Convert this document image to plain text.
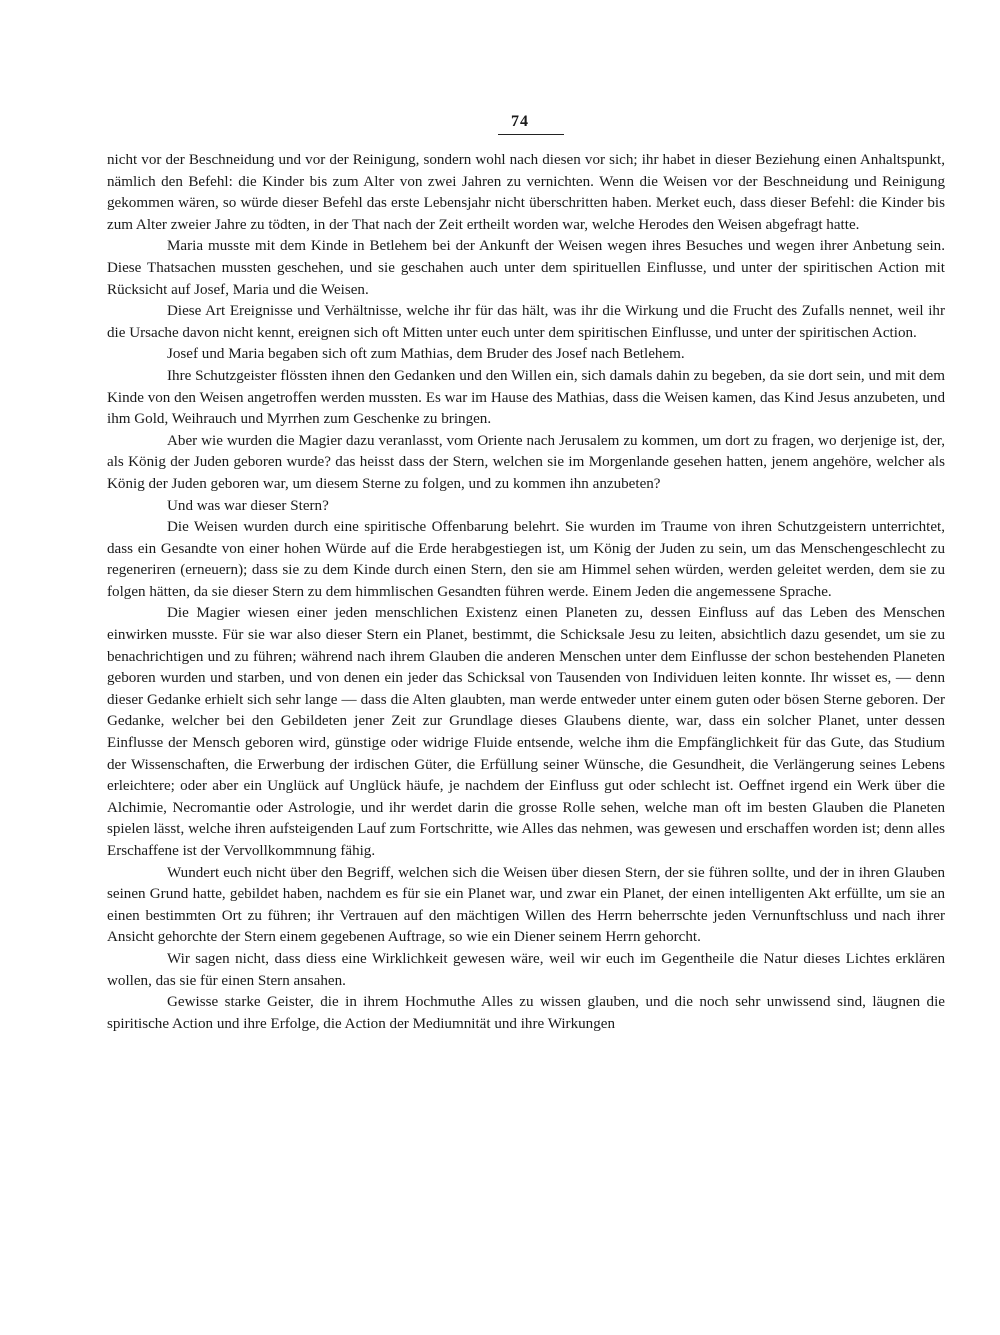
74

nicht vor der Beschneidung und vor der Reinigung, sondern wohl nach diesen vor sich; ihr habet in dieser Beziehung einen Anhaltspunkt, nämlich den Befehl: die Kinder bis zum Alter von zwei Jahren zu vernichten. Wenn die Weisen vor der Beschneidung und Reinigung gekommen wären, so würde dieser Befehl das erste Lebensjahr nicht überschritten haben. Merket euch, dass dieser Befehl: die Kinder bis zum Alter zweier Jahre zu tödten, in der That nach der Zeit ertheilt worden war, welche Herodes den Weisen abgefragt hatte.

Maria musste mit dem Kinde in Betlehem bei der Ankunft der Weisen wegen ihres Besuches und wegen ihrer Anbetung sein. Diese Thatsachen mussten geschehen, und sie geschahen auch unter dem spirituellen Einflusse, und unter der spiritischen Action mit Rücksicht auf Josef, Maria und die Weisen.

Diese Art Ereignisse und Verhältnisse, welche ihr für das hält, was ihr die Wirkung und die Frucht des Zufalls nennet, weil ihr die Ursache davon nicht kennt, ereignen sich oft Mitten unter euch unter dem spiritischen Einflusse, und unter der spiritischen Action.

Josef und Maria begaben sich oft zum Mathias, dem Bruder des Josef nach Betlehem.

Ihre Schutzgeister flössten ihnen den Gedanken und den Willen ein, sich damals dahin zu begeben, da sie dort sein, und mit dem Kinde von den Weisen angetroffen werden mussten. Es war im Hause des Mathias, dass die Weisen kamen, das Kind Jesus anzubeten, und ihm Gold, Weihrauch und Myrrhen zum Geschenke zu bringen.

Aber wie wurden die Magier dazu veranlasst, vom Oriente nach Jerusalem zu kommen, um dort zu fragen, wo derjenige ist, der, als König der Juden geboren wurde? das heisst dass der Stern, welchen sie im Morgenlande gesehen hatten, jenem angehöre, welcher als König der Juden geboren war, um diesem Sterne zu folgen, und zu kommen ihn anzubeten?

Und was war dieser Stern?

Die Weisen wurden durch eine spiritische Offenbarung belehrt. Sie wurden im Traume von ihren Schutzgeistern unterrichtet, dass ein Gesandte von einer hohen Würde auf die Erde herabgestiegen ist, um König der Juden zu sein, um das Menschengeschlecht zu regeneriren (erneuern); dass sie zu dem Kinde durch einen Stern, den sie am Himmel sehen würden, werden geleitet werden, dem sie zu folgen hätten, da sie dieser Stern zu dem himmlischen Gesandten führen werde. Einem Jeden die angemessene Sprache.

Die Magier wiesen einer jeden menschlichen Existenz einen Planeten zu, dessen Einfluss auf das Leben des Menschen einwirken musste. Für sie war also dieser Stern ein Planet, bestimmt, die Schicksale Jesu zu leiten, absichtlich dazu gesendet, um sie zu benachrichtigen und zu führen; während nach ihrem Glauben die anderen Menschen unter dem Einflusse der schon bestehenden Planeten geboren wurden und starben, und von denen ein jeder das Schicksal von Tausenden von Individuen leiten konnte. Ihr wisset es, — denn dieser Gedanke erhielt sich sehr lange — dass die Alten glaubten, man werde entweder unter einem guten oder bösen Sterne geboren. Der Gedanke, welcher bei den Gebildeten jener Zeit zur Grundlage dieses Glaubens diente, war, dass ein solcher Planet, unter dessen Einflusse der Mensch geboren wird, günstige oder widrige Fluide entsende, welche ihm die Empfänglichkeit für das Gute, das Studium der Wissenschaften, die Erwerbung der irdischen Güter, die Erfüllung seiner Wünsche, die Gesundheit, die Verlängerung seines Lebens erleichtere; oder aber ein Unglück auf Unglück häufe, je nachdem der Einfluss gut oder schlecht ist. Oeffnet irgend ein Werk über die Alchimie, Necromantie oder Astrologie, und ihr werdet darin die grosse Rolle sehen, welche man oft im besten Glauben die Planeten spielen lässt, welche ihren aufsteigenden Lauf zum Fortschritte, wie Alles das nehmen, was gewesen und erschaffen worden ist; denn alles Erschaffene ist der Vervollkommnung fähig.

Wundert euch nicht über den Begriff, welchen sich die Weisen über diesen Stern, der sie führen sollte, und der in ihren Glauben seinen Grund hatte, gebildet haben, nachdem es für sie ein Planet war, und zwar ein Planet, der einen intelligenten Akt erfüllte, um sie an einen bestimmten Ort zu führen; ihr Vertrauen auf den mächtigen Willen des Herrn beherrschte jeden Vernunftschluss und nach ihrer Ansicht gehorchte der Stern einem gegebenen Auftrage, so wie ein Diener seinem Herrn gehorcht.

Wir sagen nicht, dass diess eine Wirklichkeit gewesen wäre, weil wir euch im Gegentheile die Natur dieses Lichtes erklären wollen, das sie für einen Stern ansahen.

Gewisse starke Geister, die in ihrem Hochmuthe Alles zu wissen glauben, und die noch sehr unwissend sind, läugnen die spiritische Action und ihre Erfolge, die Action der Mediumnität und ihre Wirkungen
